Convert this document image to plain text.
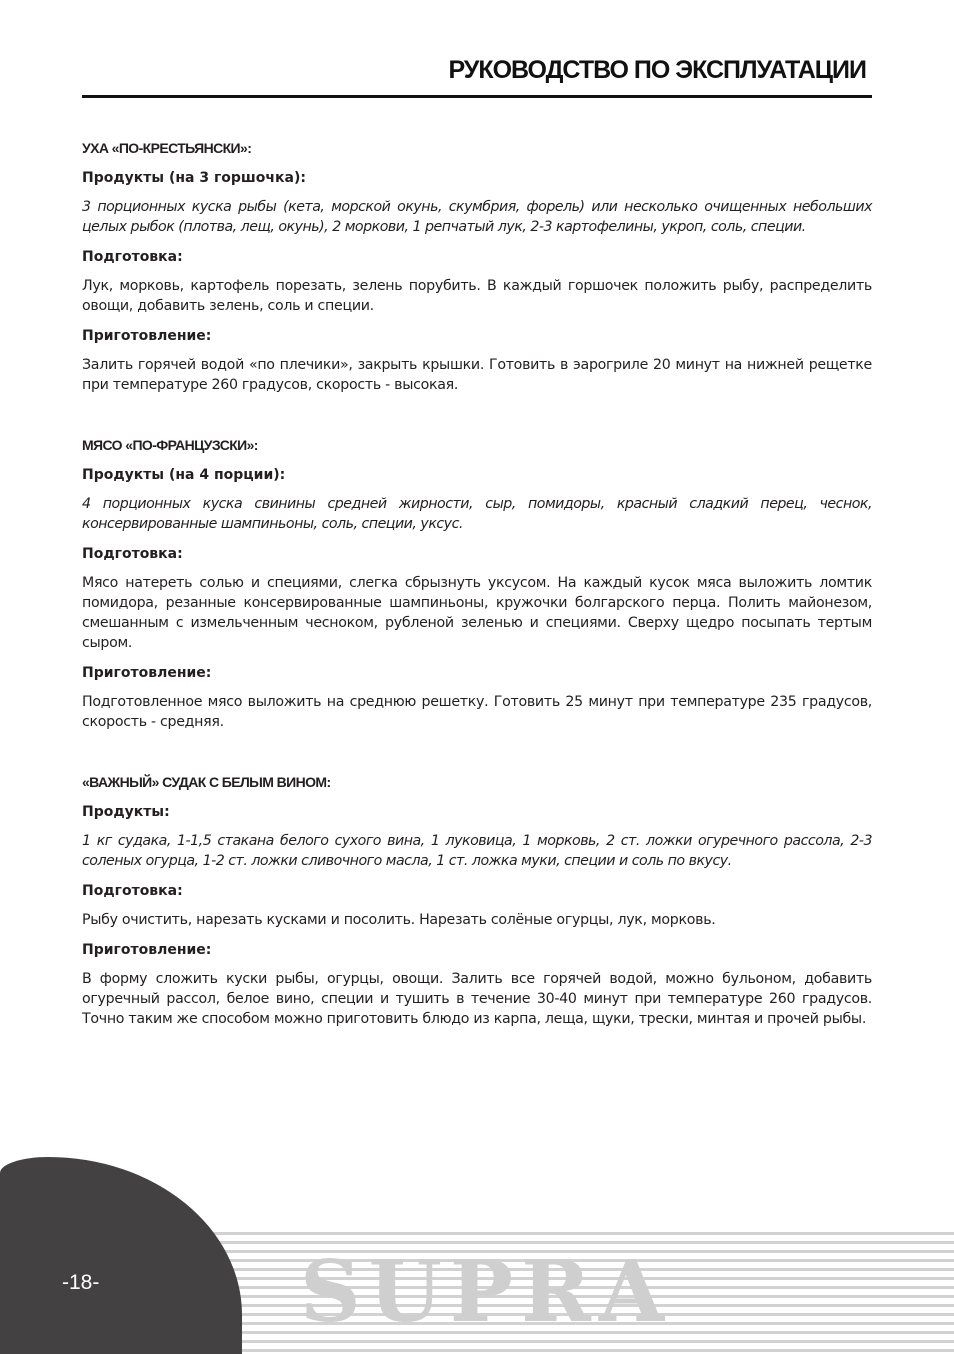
РУКОВОДСТВО ПО ЭКСПЛУАТАЦИИ
УХА «ПО-КРЕСТЬЯНСКИ»:
Продукты (на 3 горшочка):
3 порционных куска рыбы (кета, морской окунь, скумбрия, форель) или несколько очищенных небольших целых рыбок (плотва, лещ, окунь), 2 моркови, 1 репчатый лук, 2-3 картофелины, укроп, соль, специи.
Подготовка:
Лук, морковь, картофель порезать, зелень порубить. В каждый горшочек положить рыбу, распределить овощи, добавить зелень, соль и специи.
Приготовление:
Залить горячей водой «по плечики», закрыть крышки. Готовить в эарогриле 20 минут на нижней рещетке при температуре 260 градусов, скорость - высокая.
МЯСО «ПО-ФРАНЦУЗСКИ»:
Продукты (на 4 порции):
4 порционных куска свинины средней жирности, сыр, помидоры, красный сладкий перец, чеснок, консервированные шампиньоны, соль, специи, уксус.
Подготовка:
Мясо натереть солью и специями, слегка сбрызнуть уксусом. На каждый кусок мяса выложить ломтик помидора, резанные консервированные шампиньоны, кружочки болгарского перца. Полить майонезом, смешанным с измельченным чесноком, рубленой зеленью и специями. Сверху щедро посыпать тертым сыром.
Приготовление:
Подготовленное мясо выложить на среднюю решетку. Готовить 25 минут при температуре 235 градусов, скорость - средняя.
«ВАЖНЫЙ» СУДАК С БЕЛЫМ ВИНОМ:
Продукты:
1 кг судака, 1-1,5 стакана белого сухого вина, 1 луковица, 1 морковь, 2 ст. ложки огуречного рассола, 2-3 соленых огурца, 1-2 ст. ложки сливочного масла, 1 ст. ложка муки, специи и соль по вкусу.
Подготовка:
Рыбу очистить, нарезать кусками и посолить. Нарезать солёные огурцы, лук, морковь.
Приготовление:
В форму сложить куски рыбы, огурцы, овощи. Залить все горячей водой, можно бульоном, добавить огуречный рассол, белое вино, специи и тушить в течение 30-40 минут при температуре 260 градусов. Точно таким же способом можно приготовить блюдо из карпа, леща, щуки, трески, минтая и прочей рыбы.
SUPRA
-18-
